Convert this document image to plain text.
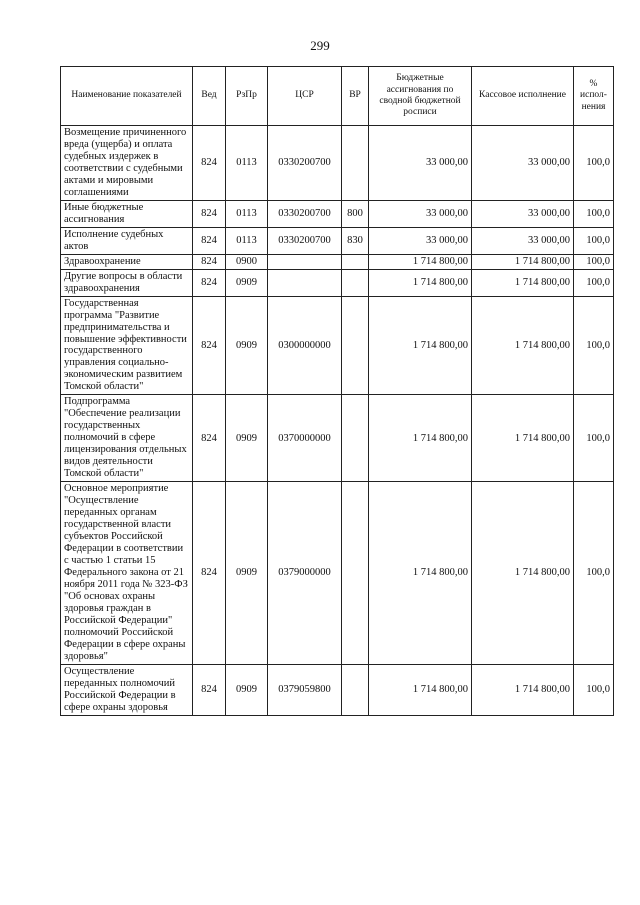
299
Наименование показателей	Вед	РзПр	ЦСР	ВР	Бюджетные ассигнования по сводной бюджетной росписи	Кассовое исполнение	% испол-нения
Возмещение причиненного вреда (ущерба) и оплата судебных издержек в соответствии с судебными актами и мировыми соглашениями	824	0113	0330200700		33 000,00	33 000,00	100,0
Иные бюджетные ассигнования	824	0113	0330200700	800	33 000,00	33 000,00	100,0
Исполнение судебных актов	824	0113	0330200700	830	33 000,00	33 000,00	100,0
Здравоохранение	824	0900			1 714 800,00	1 714 800,00	100,0
Другие вопросы в области здравоохранения	824	0909			1 714 800,00	1 714 800,00	100,0
Государственная программа "Развитие предпринимательства и повышение эффективности государственного управления социально-экономическим развитием Томской области"	824	0909	0300000000		1 714 800,00	1 714 800,00	100,0
Подпрограмма "Обеспечение реализации государственных полномочий в сфере лицензирования отдельных видов деятельности Томской области"	824	0909	0370000000		1 714 800,00	1 714 800,00	100,0
Основное мероприятие "Осуществление переданных органам государственной власти субъектов Российской Федерации в соответствии с частью 1 статьи 15 Федерального закона от 21 ноября 2011 года № 323-ФЗ "Об основах охраны здоровья граждан в Российской Федерации" полномочий Российской Федерации в сфере охраны здоровья"	824	0909	0379000000		1 714 800,00	1 714 800,00	100,0
Осуществление переданных полномочий Российской Федерации в сфере охраны здоровья	824	0909	0379059800		1 714 800,00	1 714 800,00	100,0
